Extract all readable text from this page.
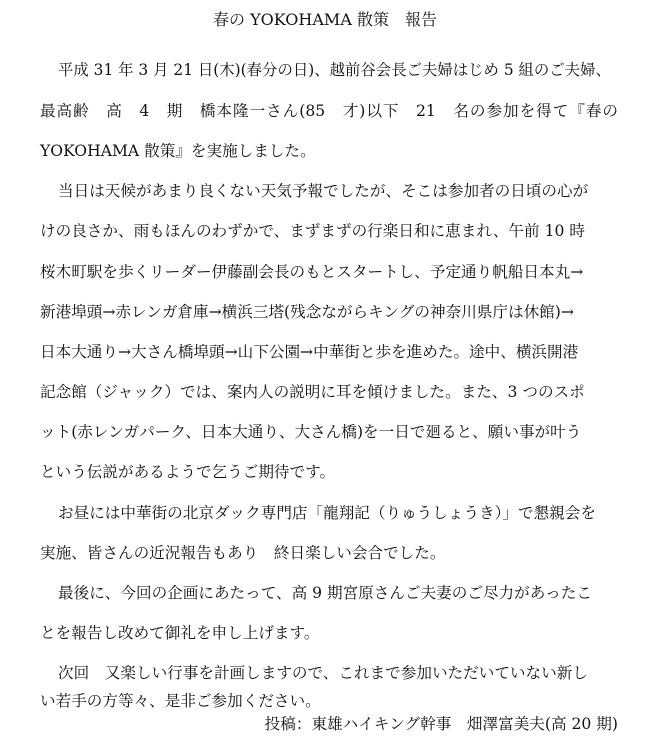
春の YOKOHAMA 散策　報告
平成 31 年 3 月 21 日(木)(春分の日)、越前谷会長ご夫婦はじめ 5 組のご夫婦、
最高齢　高　4　期　橋本隆一さん(85　才)以下　21　名の参加を得て『春の
YOKOHAMA 散策』を実施しました。
当日は天候があまり良くない天気予報でしたが、そこは参加者の日頃の心が
けの良さか、雨もほんのわずかで、まずまずの行楽日和に恵まれ、午前 10 時
桜木町駅を歩くリーダー伊藤副会長のもとスタートし、予定通り帆船日本丸→
新港埠頭→赤レンガ倉庫→横浜三塔(残念ながらキングの神奈川県庁は休館)→
日本大通り→大さん橋埠頭→山下公園→中華街と歩を進めた。途中、横浜開港
記念館（ジャック）では、案内人の説明に耳を傾けました。また、3 つのスポ
ット(赤レンガパーク、日本大通り、大さん橋)を一日で廻ると、願い事が叶う
という伝説があるようで乞うご期待です。
お昼には中華街の北京ダック専門店「龍翔記（りゅうしょうき）」で懇親会を
実施、皆さんの近況報告もあり　終日楽しい会合でした。
最後に、今回の企画にあたって、高 9 期宮原さんご夫妻のご尽力があったこ
とを報告し改めて御礼を申し上げます。
次回　又楽しい行事を計画しますので、これまで参加いただいていない新し
い若手の方等々、是非ご参加ください。
投稿：東雄ハイキング幹事　畑澤富美夫(高 20 期)
